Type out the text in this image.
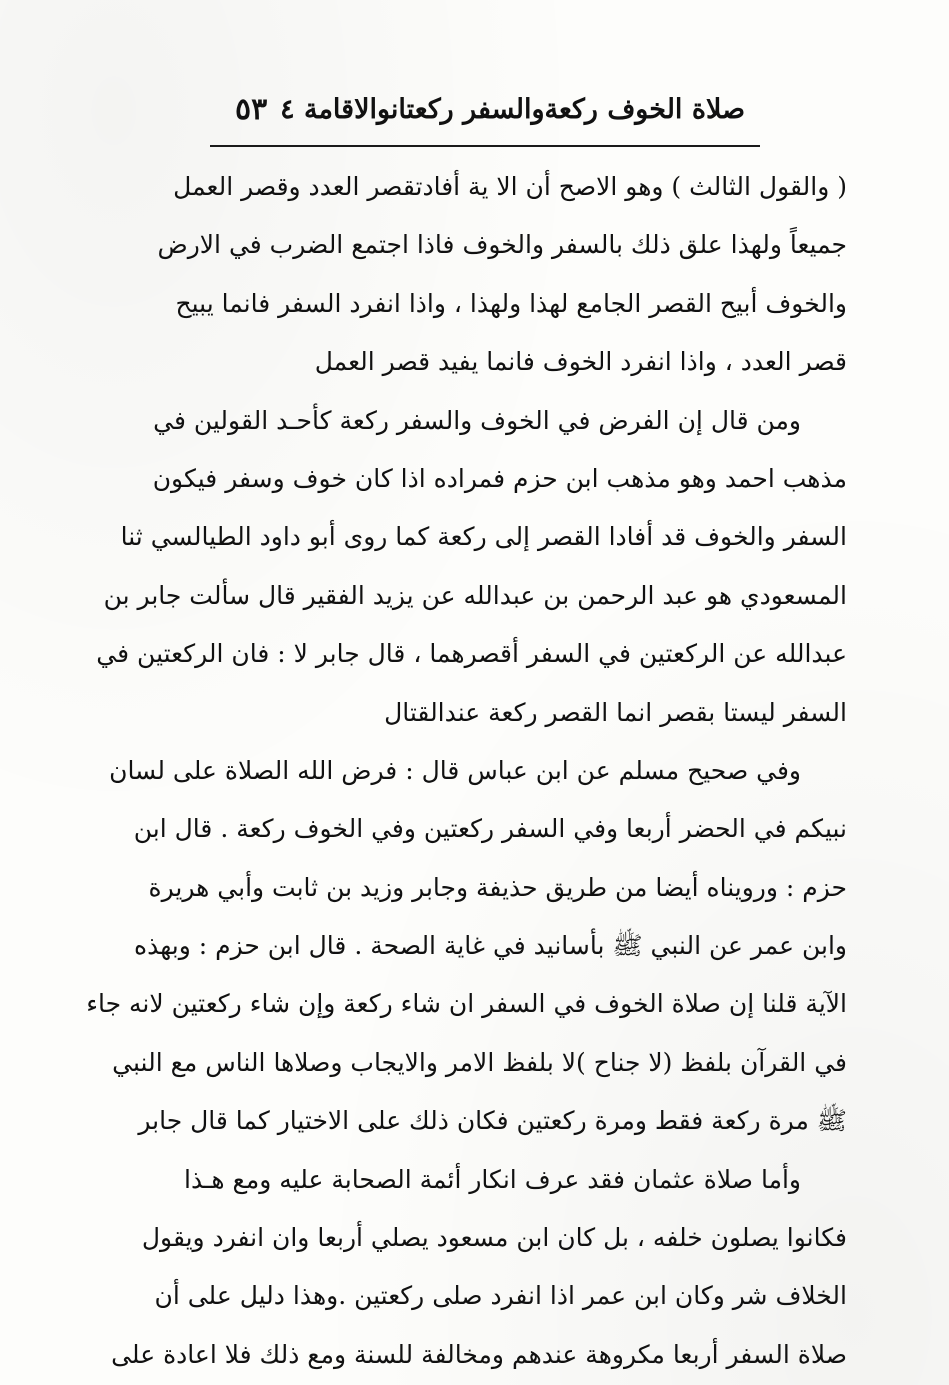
صلاة الخوف ركعةوالسفر ركعتانوالاقامة ٤
٥٣
( والقول الثالث ) وهو الاصح أن الا ية أفادتقصر العدد وقصر العمل
جميعاً ولهذا علق ذلك بالسفر والخوف فاذا اجتمع الضرب في الارض
والخوف أبيح القصر الجامع لهذا ولهذا ، واذا انفرد السفر فانما يبيح
قصر العدد ، واذا انفرد الخوف فانما يفيد قصر العمل
ومن قال إن الفرض في الخوف والسفر ركعة كأحـد القولين في
مذهب احمد وهو مذهب ابن حزم فمراده اذا كان خوف وسفر فيكون
السفر والخوف قد أفادا القصر إلى ركعة كما روى أبو داود الطيالسي ثنا
المسعودي هو عبد الرحمن بن عبدالله عن يزيد الفقير قال سألت جابر بن
عبدالله عن الركعتين في السفر أقصرهما ، قال جابر لا : فان الركعتين في
السفر ليستا بقصر انما القصر ركعة عندالقتال
وفي صحيح مسلم عن ابن عباس قال : فرض الله الصلاة على لسان
نبيكم في الحضر أربعا وفي السفر ركعتين وفي الخوف ركعة . قال ابن
حزم : ورويناه أيضا من طريق حذيفة وجابر وزيد بن ثابت وأبي هريرة
وابن عمر عن النبي ﷺ بأسانيد في غاية الصحة . قال ابن حزم : وبهذه
الآية قلنا إن صلاة الخوف في السفر ان شاء ركعة وإن شاء ركعتين لانه جاء
في القرآن بلفظ (لا جناح )لا بلفظ الامر والايجاب وصلاها الناس مع النبي
ﷺ مرة ركعة فقط ومرة ركعتين فكان ذلك على الاختيار كما قال جابر
وأما صلاة عثمان فقد عرف انكار أئمة الصحابة عليه ومع هـذا
فكانوا يصلون خلفه ، بل كان ابن مسعود يصلي أربعا وان انفرد ويقول
الخلاف شر وكان ابن عمر اذا انفرد صلى ركعتين .وهذا دليل على أن
صلاة السفر أربعا مكروهة عندهم ومخالفة للسنة ومع ذلك فلا اعادة على
